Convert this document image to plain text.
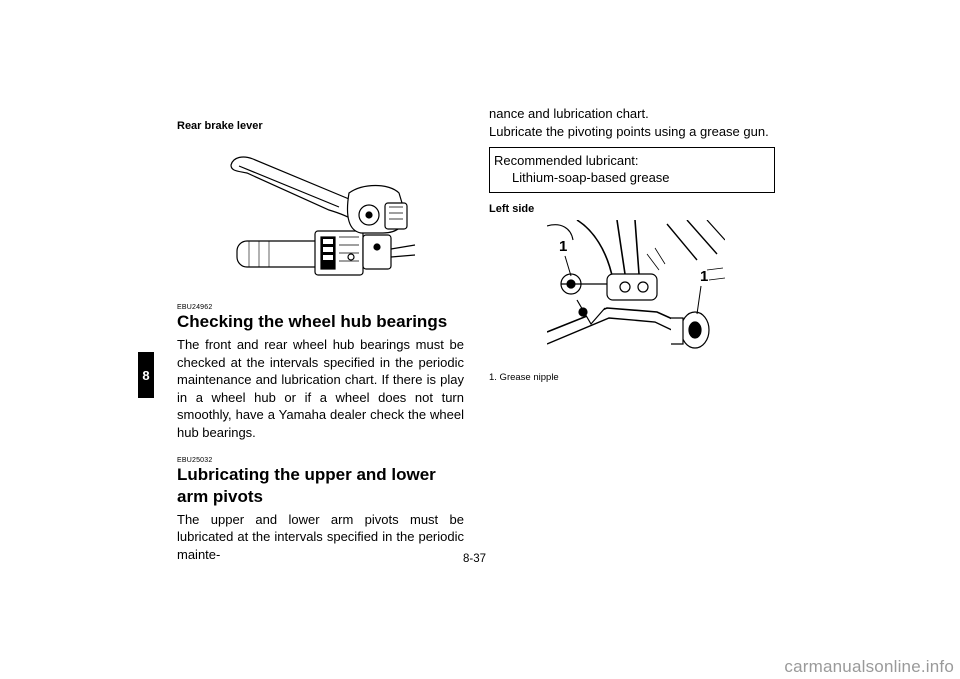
8

Rear brake lever

EBU24962

Checking the wheel hub bearings

The front and rear wheel hub bearings must be checked at the intervals specified in the periodic maintenance and lubrication chart. If there is play in a wheel hub or if a wheel does not turn smoothly, have a Yamaha dealer check the wheel hub bearings.

EBU25032

Lubricating the upper and lower arm pivots

The upper and lower arm pivots must be lubricated at the intervals specified in the periodic mainte-

nance and lubrication chart.

Lubricate the pivoting points using a grease gun.

Recommended lubricant:
Lithium-soap-based grease

Left side

1
1

1. Grease nipple

8-37
carmanualsonline.info
